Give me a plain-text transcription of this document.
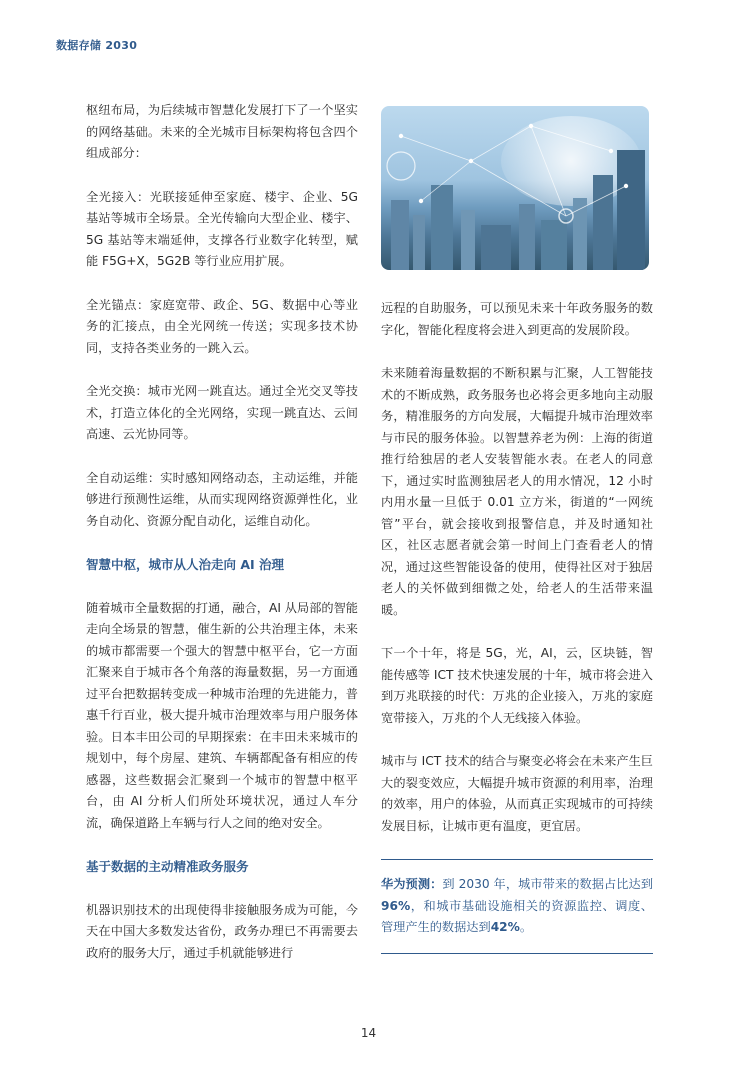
数据存储 2030

枢纽布局，为后续城市智慧化发展打下了一个坚实的网络基础。未来的全光城市目标架构将包含四个组成部分：

全光接入：光联接延伸至家庭、楼宇、企业、5G 基站等城市全场景。全光传输向大型企业、楼宇、5G 基站等末端延伸，支撑各行业数字化转型，赋能 F5G+X，5G2B 等行业应用扩展。

全光锚点：家庭宽带、政企、5G、数据中心等业务的汇接点，由全光网统一传送；实现多技术协同，支持各类业务的一跳入云。

全光交换：城市光网一跳直达。通过全光交叉等技术，打造立体化的全光网络，实现一跳直达、云间高速、云光协同等。

全自动运维：实时感知网络动态，主动运维，并能够进行预测性运维，从而实现网络资源弹性化，业务自动化、资源分配自动化，运维自动化。

智慧中枢，城市从人治走向 AI 治理

随着城市全量数据的打通，融合，AI 从局部的智能走向全场景的智慧，催生新的公共治理主体，未来的城市都需要一个强大的智慧中枢平台，它一方面汇聚来自于城市各个角落的海量数据，另一方面通过平台把数据转变成一种城市治理的先进能力，普惠千行百业，极大提升城市治理效率与用户服务体验。日本丰田公司的早期探索：在丰田未来城市的规划中，每个房屋、建筑、车辆都配备有相应的传感器，这些数据会汇聚到一个城市的智慧中枢平台，由 AI 分析人们所处环境状况，通过人车分流，确保道路上车辆与行人之间的绝对安全。

基于数据的主动精准政务服务

机器识别技术的出现使得非接触服务成为可能，今天在中国大多数发达省份，政务办理已不再需要去政府的服务大厅，通过手机就能够进行

远程的自助服务，可以预见未来十年政务服务的数字化，智能化程度将会进入到更高的发展阶段。

未来随着海量数据的不断积累与汇聚，人工智能技术的不断成熟，政务服务也必将会更多地向主动服务，精准服务的方向发展，大幅提升城市治理效率与市民的服务体验。以智慧养老为例：上海的街道推行给独居的老人安装智能水表。在老人的同意下，通过实时监测独居老人的用水情况，12 小时内用水量一旦低于 0.01 立方米，街道的“一网统管”平台，就会接收到报警信息，并及时通知社区，社区志愿者就会第一时间上门查看老人的情况，通过这些智能设备的使用，使得社区对于独居老人的关怀做到细微之处，给老人的生活带来温暖。

下一个十年，将是 5G，光，AI，云，区块链，智能传感等 ICT 技术快速发展的十年，城市将会进入到万兆联接的时代：万兆的企业接入，万兆的家庭宽带接入，万兆的个人无线接入体验。

城市与 ICT 技术的结合与聚变必将会在未来产生巨大的裂变效应，大幅提升城市资源的利用率，治理的效率，用户的体验，从而真正实现城市的可持续发展目标，让城市更有温度，更宜居。

华为预测：到 2030 年，城市带来的数据占比达到96%，和城市基础设施相关的资源监控、调度、管理产生的数据达到42%。

14
